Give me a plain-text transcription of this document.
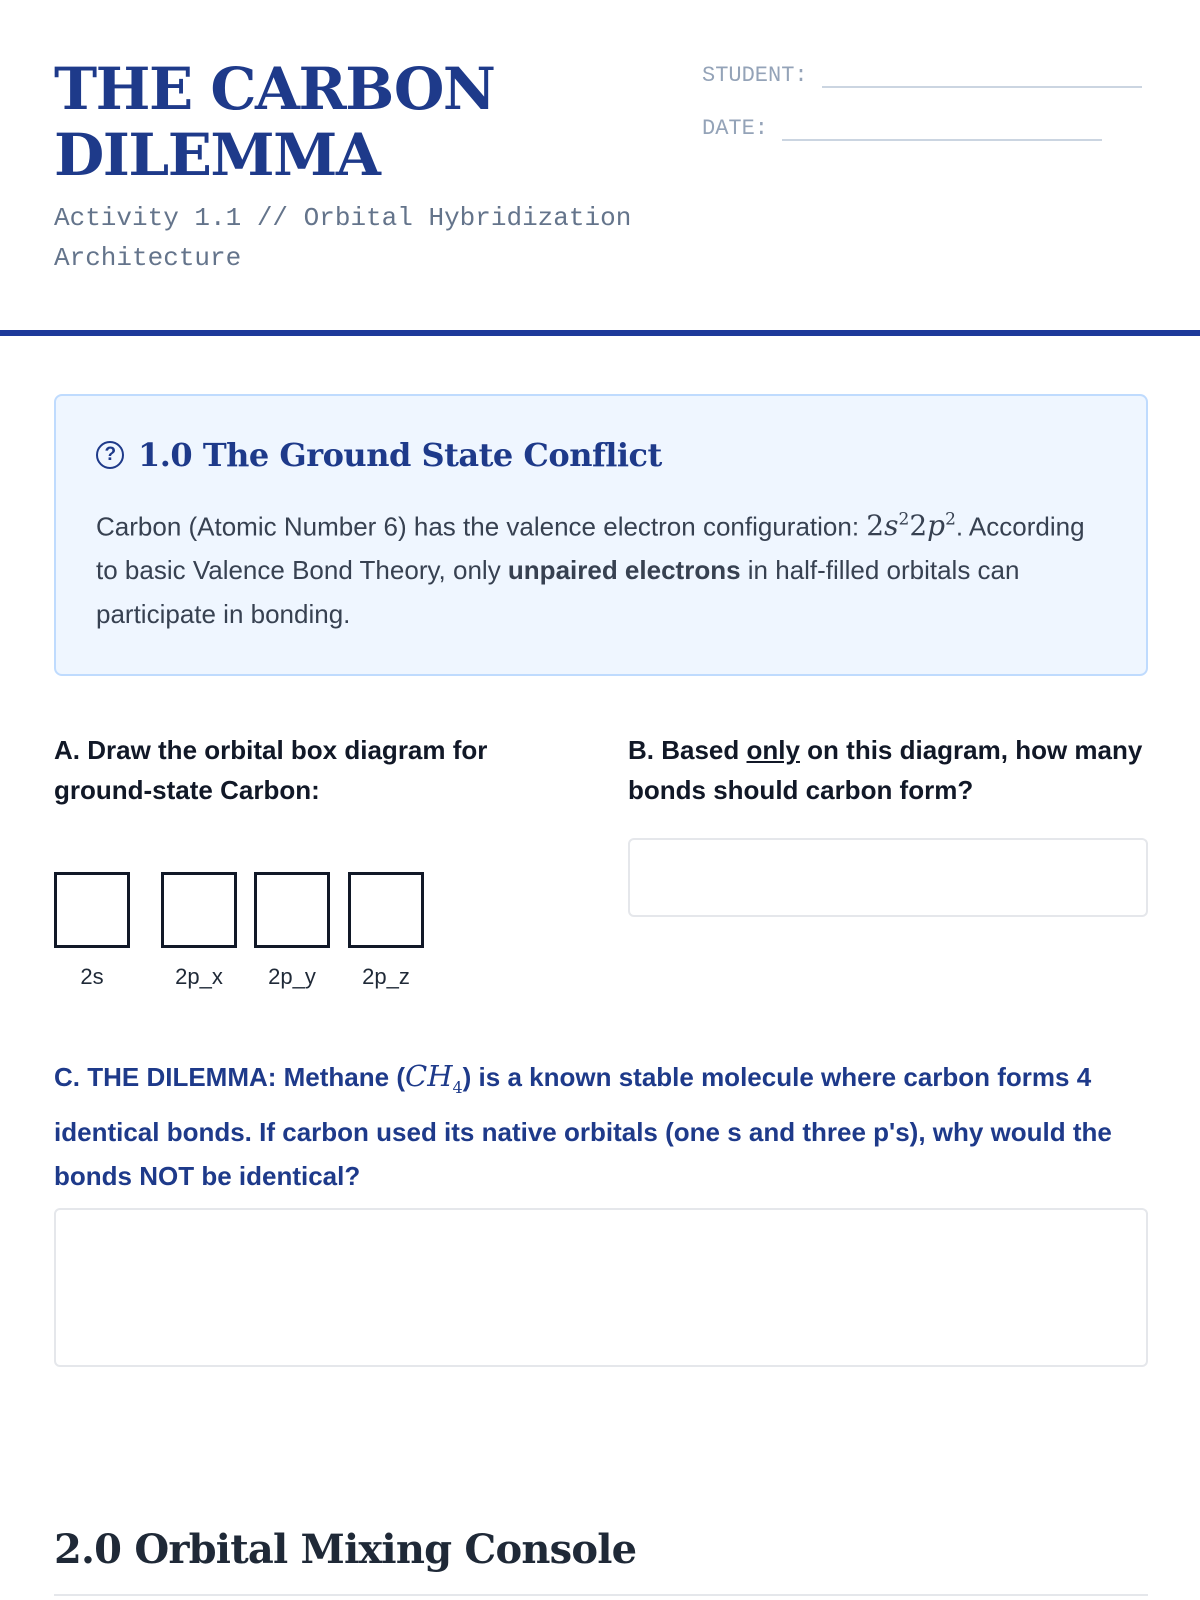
THE CARBON DILEMMA
Activity 1.1 // Orbital Hybridization Architecture
STUDENT:
DATE:
? 1.0 The Ground State Conflict
Carbon (Atomic Number 6) has the valence electron configuration: $2s^22p^2$. According to basic Valence Bond Theory, only unpaired electrons in half-filled orbitals can participate in bonding.
A. Draw the orbital box diagram for ground-state Carbon:
2s	2p_x	2p_y	2p_z
B. Based only on this diagram, how many bonds should carbon form?
C. THE DILEMMA: Methane $(CH_4)$ is a known stable molecule where carbon forms 4 identical bonds. If carbon used its native orbitals (one s and three p's), why would the bonds NOT be identical?
2.0 Orbital Mixing Console
